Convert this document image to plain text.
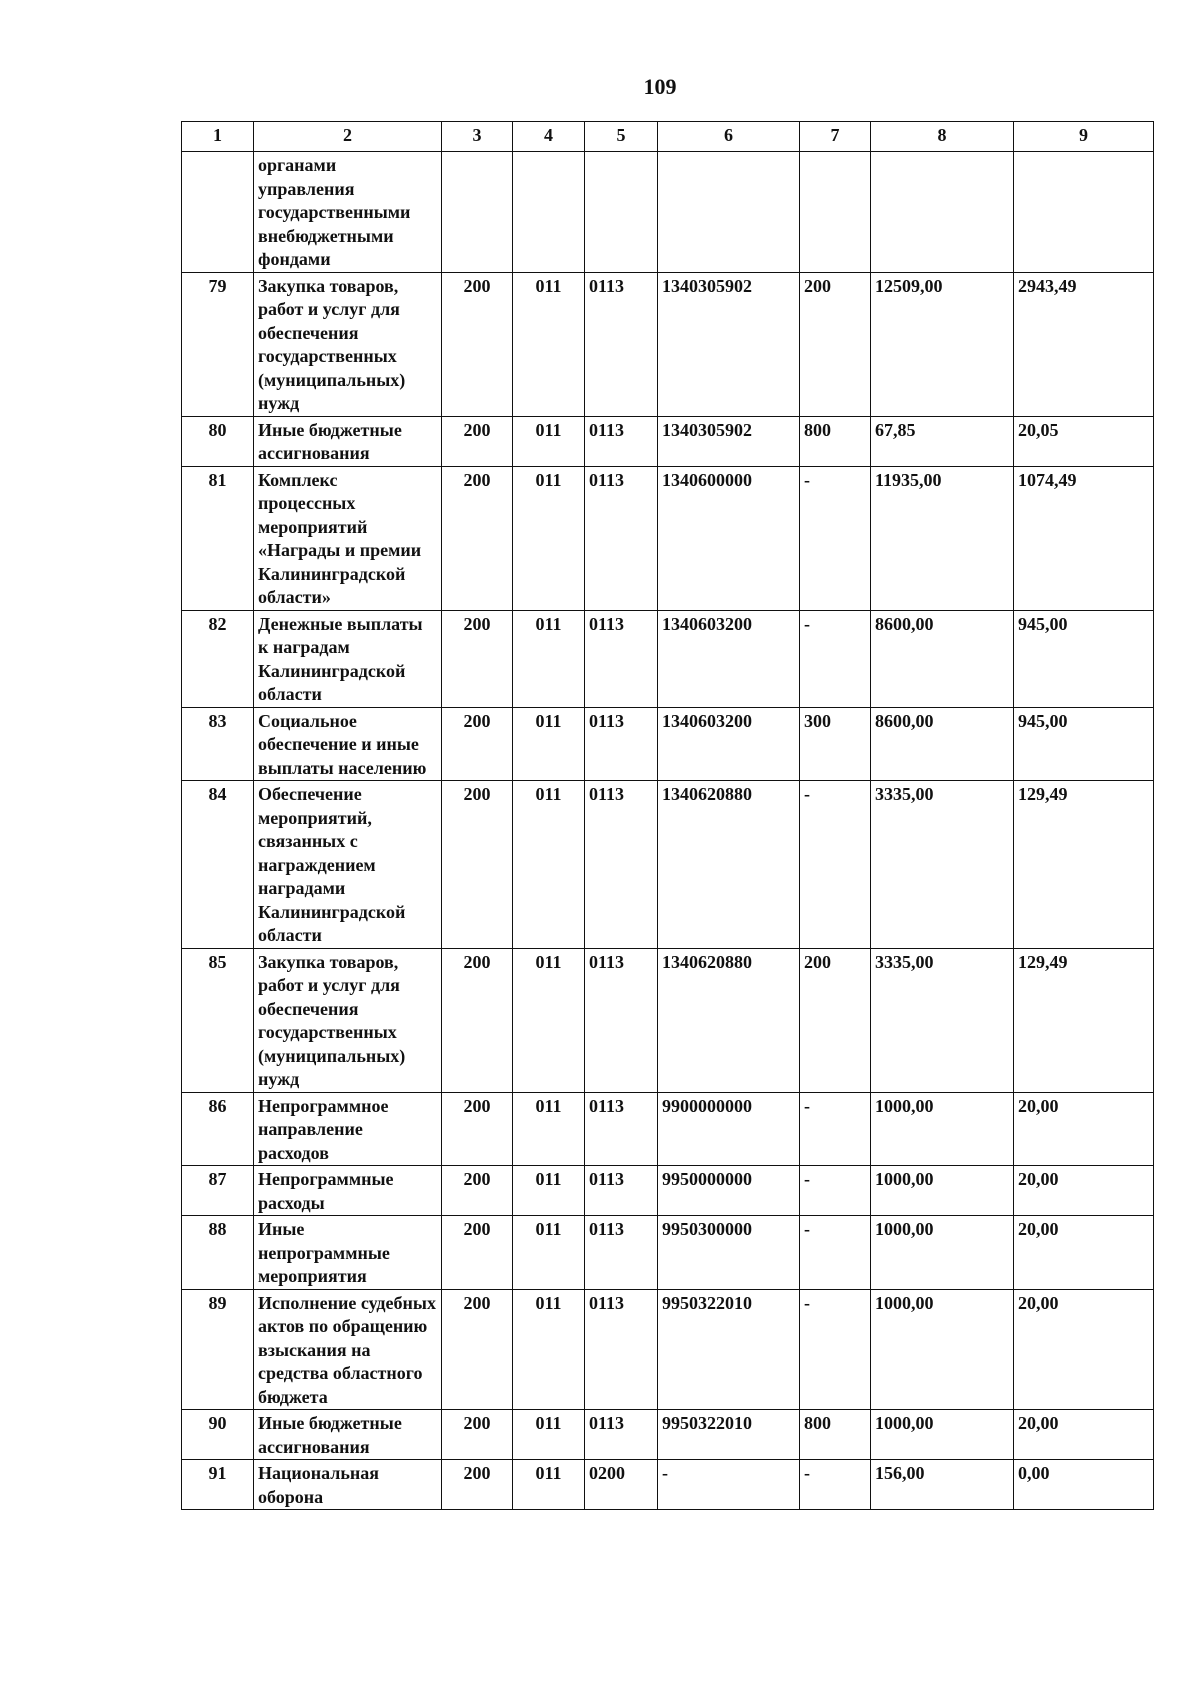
109
1	2	3	4	5	6	7	8	9
	органами управления государственными внебюджетными фондами							
79	Закупка товаров, работ и услуг для обеспечения государственных (муниципальных) нужд	200	011	0113	1340305902	200	12509,00	2943,49
80	Иные бюджетные ассигнования	200	011	0113	1340305902	800	67,85	20,05
81	Комплекс процессных мероприятий «Награды и премии Калининградской области»	200	011	0113	1340600000	-	11935,00	1074,49
82	Денежные выплаты к наградам Калининградской области	200	011	0113	1340603200	-	8600,00	945,00
83	Социальное обеспечение и иные выплаты населению	200	011	0113	1340603200	300	8600,00	945,00
84	Обеспечение мероприятий, связанных с награждением наградами Калининградской области	200	011	0113	1340620880	-	3335,00	129,49
85	Закупка товаров, работ и услуг для обеспечения государственных (муниципальных) нужд	200	011	0113	1340620880	200	3335,00	129,49
86	Непрограммное направление расходов	200	011	0113	9900000000	-	1000,00	20,00
87	Непрограммные расходы	200	011	0113	9950000000	-	1000,00	20,00
88	Иные непрограммные мероприятия	200	011	0113	9950300000	-	1000,00	20,00
89	Исполнение судебных актов по обращению взыскания на средства областного бюджета	200	011	0113	9950322010	-	1000,00	20,00
90	Иные бюджетные ассигнования	200	011	0113	9950322010	800	1000,00	20,00
91	Национальная оборона	200	011	0200	-	-	156,00	0,00
